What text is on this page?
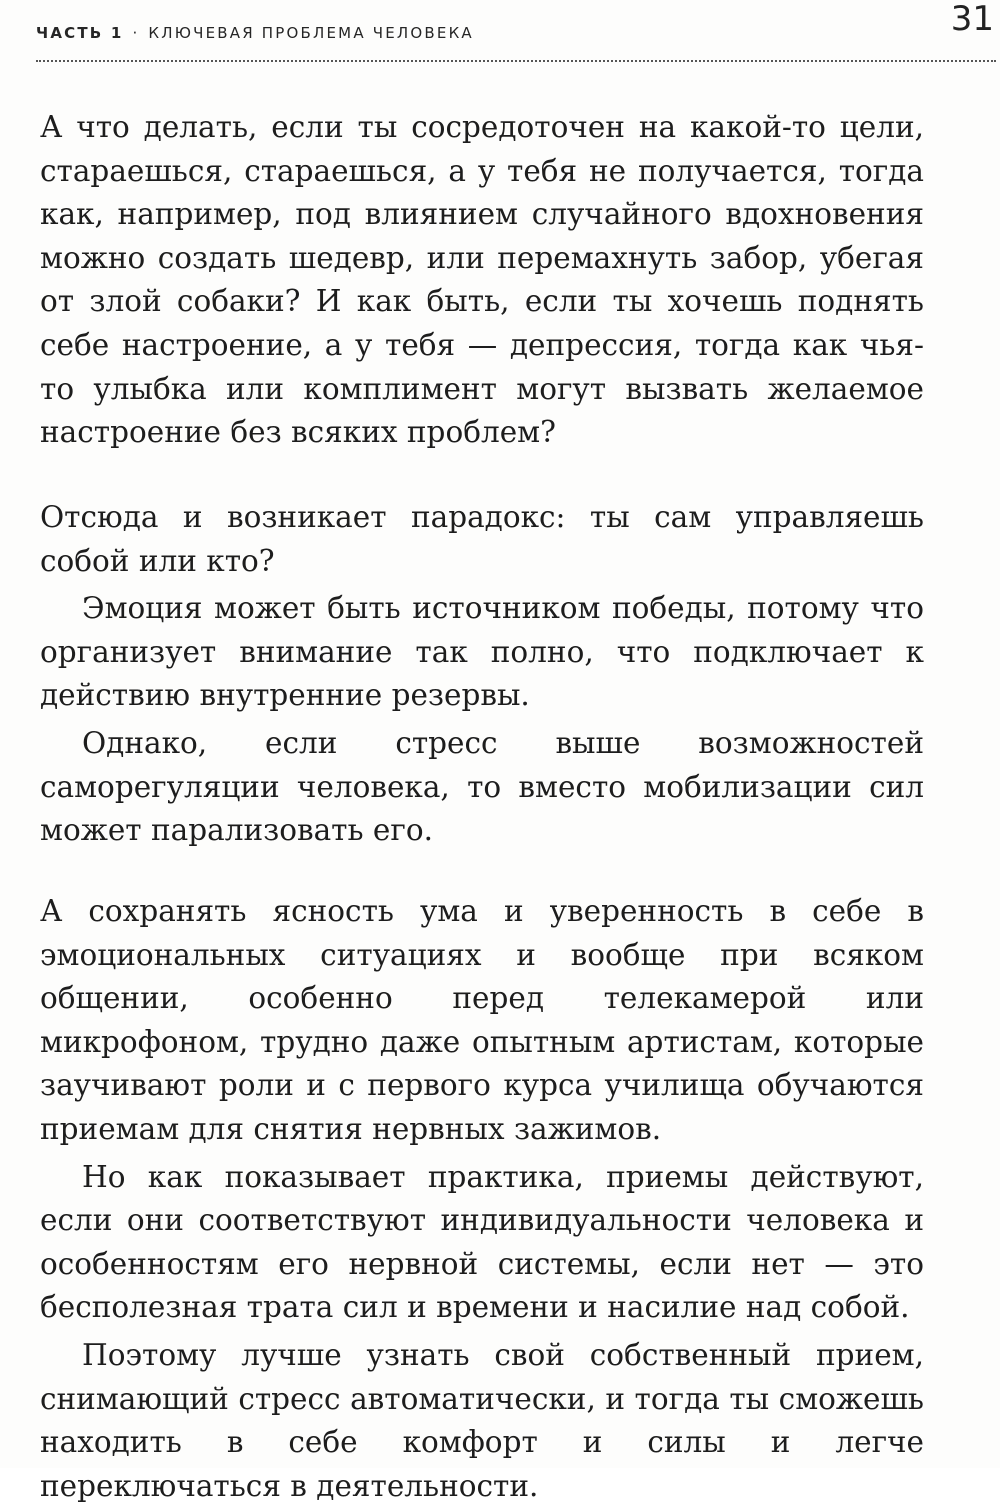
ЧАСТЬ 1 · КЛЮЧЕВАЯ ПРОБЛЕМА ЧЕЛОВЕКА	31

А что делать, если ты сосредоточен на какой-то цели, стараешься, стараешься, а у тебя не получается, тогда как, например, под влиянием случайного вдохновения можно создать шедевр, или перемахнуть забор, убегая от злой собаки? И как быть, если ты хочешь поднять себе настроение, а у тебя — депрессия, тогда как чья-то улыбка или комплимент могут вызвать желаемое настроение без всяких проблем?

Отсюда и возникает парадокс: ты сам управляешь собой или кто?

Эмоция может быть источником победы, потому что организует внимание так полно, что подключает к действию внутренние резервы.

Однако, если стресс выше возможностей саморегуляции человека, то вместо мобилизации сил может парализовать его.

А сохранять ясность ума и уверенность в себе в эмоциональных ситуациях и вообще при всяком общении, особенно перед телекамерой или микрофоном, трудно даже опытным артистам, которые заучивают роли и с первого курса училища обучаются приемам для снятия нервных зажимов.

Но как показывает практика, приемы действуют, если они соответствуют индивидуальности человека и особенностям его нервной системы, если нет — это бесполезная трата сил и времени и насилие над собой.

Поэтому лучше узнать свой собственный прием, снимающий стресс автоматически, и тогда ты сможешь находить в себе комфорт и силы и легче переключаться в деятельности.
